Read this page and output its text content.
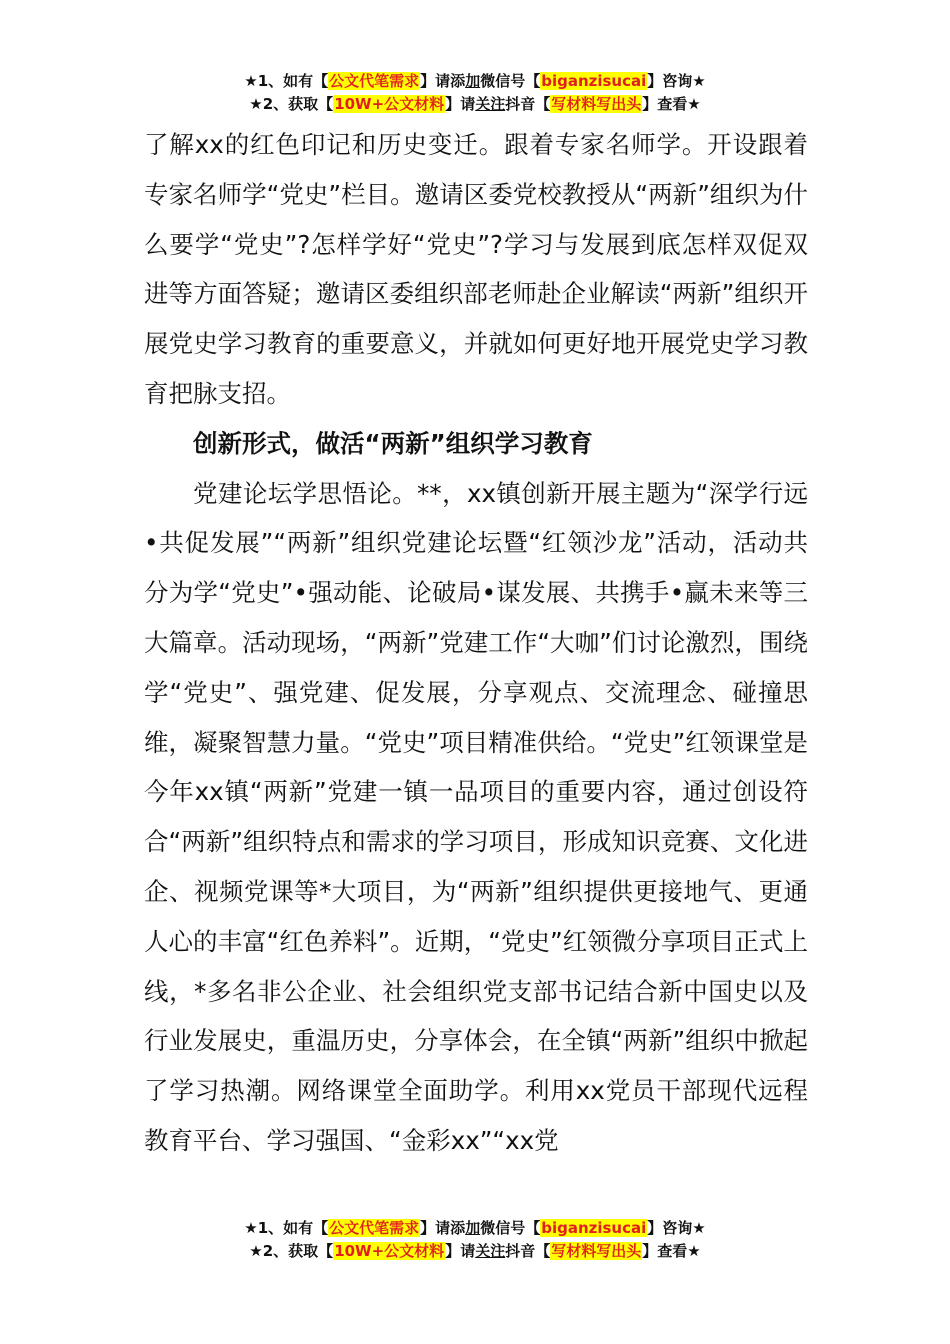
★1、如有【公文代笔需求】请添加微信号【biganzisucai】咨询★
★2、获取【10W+公文材料】请关注抖音【写材料写出头】查看★

了解xx的红色印记和历史变迁。跟着专家名师学。开设跟着专家名师学“党史”栏目。邀请区委党校教授从“两新”组织为什么要学“党史”?怎样学好“党史”?学习与发展到底怎样双促双进等方面答疑；邀请区委组织部老师赴企业解读“两新”组织开展党史学习教育的重要意义，并就如何更好地开展党史学习教育把脉支招。

创新形式，做活“两新”组织学习教育

党建论坛学思悟论。**，xx镇创新开展主题为“深学行远•共促发展”“两新”组织党建论坛暨“红领沙龙”活动，活动共分为学“党史”•强动能、论破局•谋发展、共携手•赢未来等三大篇章。活动现场，“两新”党建工作“大咖”们讨论激烈，围绕学“党史”、强党建、促发展，分享观点、交流理念、碰撞思维，凝聚智慧力量。“党史”项目精准供给。“党史”红领课堂是今年xx镇“两新”党建一镇一品项目的重要内容，通过创设符合“两新”组织特点和需求的学习项目，形成知识竞赛、文化进企、视频党课等*大项目，为“两新”组织提供更接地气、更通人心的丰富“红色养料”。近期，“党史”红领微分享项目正式上线，*多名非公企业、社会组织党支部书记结合新中国史以及行业发展史，重温历史，分享体会，在全镇“两新”组织中掀起了学习热潮。网络课堂全面助学。利用xx党员干部现代远程教育平台、学习强国、“金彩xx”“xx党

★1、如有【公文代笔需求】请添加微信号【biganzisucai】咨询★
★2、获取【10W+公文材料】请关注抖音【写材料写出头】查看★
